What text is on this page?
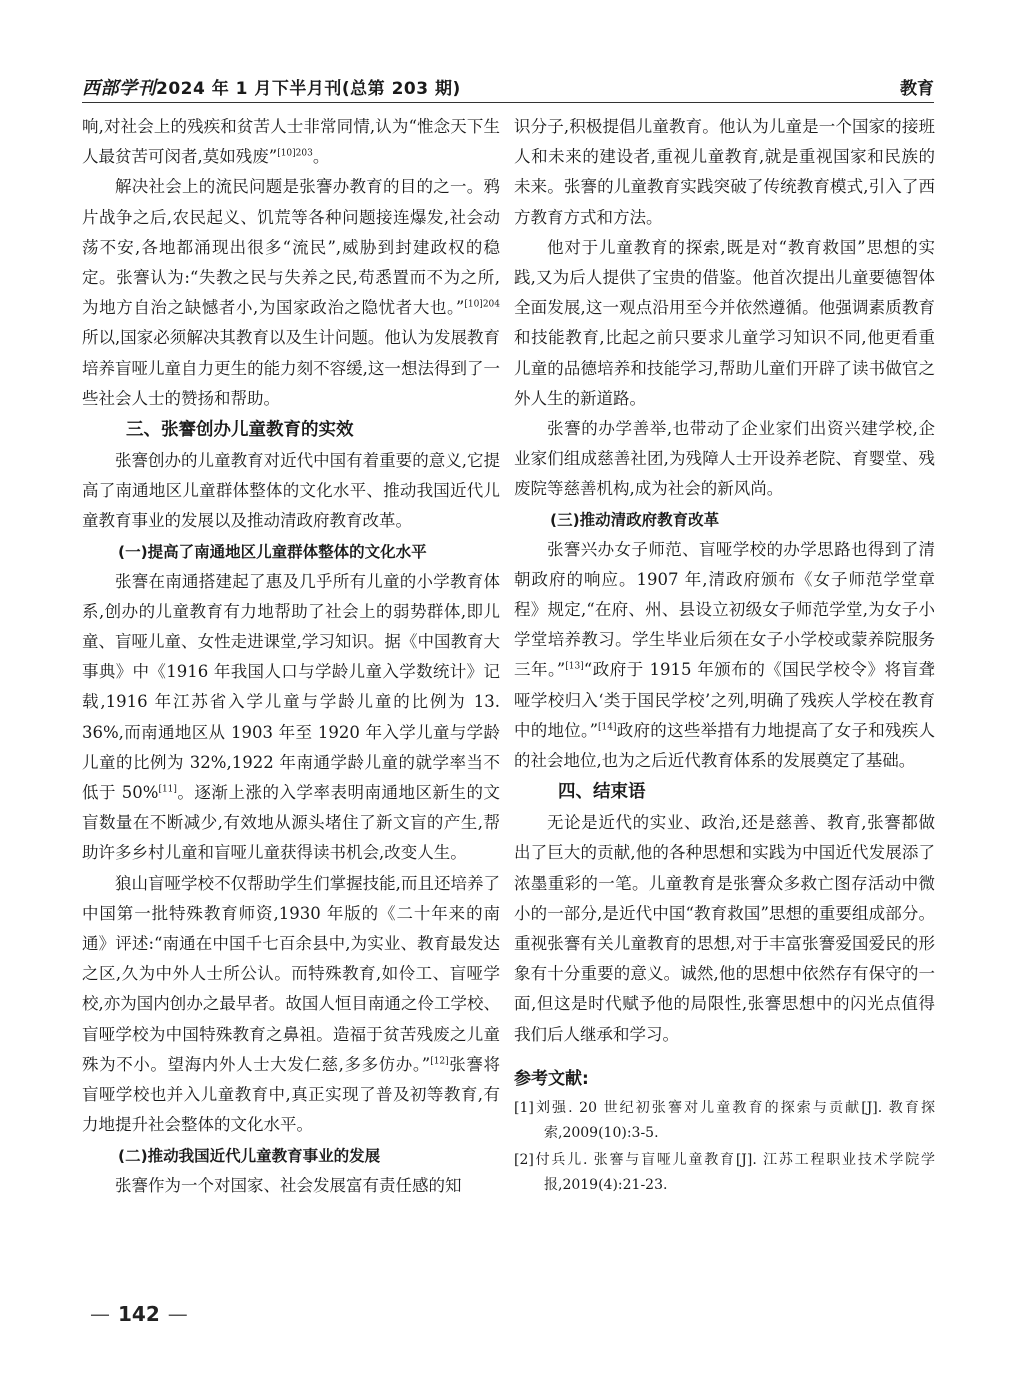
西部学刊2024 年 1 月下半月刊(总第 203 期)	教育

响,对社会上的残疾和贫苦人士非常同情,认为“惟念天下生人最贫苦可闵者,莫如残废”$^{[10]203}$。

解决社会上的流民问题是张謇办教育的目的之一。鸦片战争之后,农民起义、饥荒等各种问题接连爆发,社会动荡不安,各地都涌现出很多“流民”,威胁到封建政权的稳定。张謇认为:“失教之民与失养之民,苟悉置而不为之所,为地方自治之缺憾者小,为国家政治之隐忧者大也。”$^{[10]204}$所以,国家必须解决其教育以及生计问题。他认为发展教育培养盲哑儿童自力更生的能力刻不容缓,这一想法得到了一些社会人士的赞扬和帮助。

三、张謇创办儿童教育的实效

张謇创办的儿童教育对近代中国有着重要的意义,它提高了南通地区儿童群体整体的文化水平、推动我国近代儿童教育事业的发展以及推动清政府教育改革。

(一)提高了南通地区儿童群体整体的文化水平

张謇在南通搭建起了惠及几乎所有儿童的小学教育体系,创办的儿童教育有力地帮助了社会上的弱势群体,即儿童、盲哑儿童、女性走进课堂,学习知识。据《中国教育大事典》中《1916 年我国人口与学龄儿童入学数统计》记载,1916 年江苏省入学儿童与学龄儿童的比例为 13. 36%,而南通地区从 1903 年至 1920 年入学儿童与学龄儿童的比例为 32%,1922 年南通学龄儿童的就学率当不低于 50%[11]。逐渐上涨的入学率表明南通地区新生的文盲数量在不断减少,有效地从源头堵住了新文盲的产生,帮助许多乡村儿童和盲哑儿童获得读书机会,改变人生。

狼山盲哑学校不仅帮助学生们掌握技能,而且还培养了中国第一批特殊教育师资,1930 年版的《二十年来的南通》评述:“南通在中国千七百余县中,为实业、教育最发达之区,久为中外人士所公认。而特殊教育,如伶工、盲哑学校,亦为国内创办之最早者。故国人恒目南通之伶工学校、盲哑学校为中国特殊教育之鼻祖。造福于贫苦残废之儿童殊为不小。望海内外人士大发仁慈,多多仿办。”[12]张謇将盲哑学校也并入儿童教育中,真正实现了普及初等教育,有力地提升社会整体的文化水平。

(二)推动我国近代儿童教育事业的发展

张謇作为一个对国家、社会发展富有责任感的知

识分子,积极提倡儿童教育。他认为儿童是一个国家的接班人和未来的建设者,重视儿童教育,就是重视国家和民族的未来。张謇的儿童教育实践突破了传统教育模式,引入了西方教育方式和方法。

他对于儿童教育的探索,既是对“教育救国”思想的实践,又为后人提供了宝贵的借鉴。他首次提出儿童要德智体全面发展,这一观点沿用至今并依然遵循。他强调素质教育和技能教育,比起之前只要求儿童学习知识不同,他更看重儿童的品德培养和技能学习,帮助儿童们开辟了读书做官之外人生的新道路。

张謇的办学善举,也带动了企业家们出资兴建学校,企业家们组成慈善社团,为残障人士开设养老院、育婴堂、残废院等慈善机构,成为社会的新风尚。

(三)推动清政府教育改革

张謇兴办女子师范、盲哑学校的办学思路也得到了清朝政府的响应。1907 年,清政府颁布《女子师范学堂章程》规定,“在府、州、县设立初级女子师范学堂,为女子小学堂培养教习。学生毕业后须在女子小学校或蒙养院服务三年。”[13]“政府于 1915 年颁布的《国民学校令》将盲聋哑学校归入‘类于国民学校’之列,明确了残疾人学校在教育中的地位。”[14]政府的这些举措有力地提高了女子和残疾人的社会地位,也为之后近代教育体系的发展奠定了基础。

四、结束语

无论是近代的实业、政治,还是慈善、教育,张謇都做出了巨大的贡献,他的各种思想和实践为中国近代发展添了浓墨重彩的一笔。儿童教育是张謇众多救亡图存活动中微小的一部分,是近代中国“教育救国”思想的重要组成部分。重视张謇有关儿童教育的思想,对于丰富张謇爱国爱民的形象有十分重要的意义。诚然,他的思想中依然存有保守的一面,但这是时代赋予他的局限性,张謇思想中的闪光点值得我们后人继承和学习。

参考文献:
[1]刘强. 20 世纪初张謇对儿童教育的探索与贡献[J]. 教育探索,2009(10):3-5.
[2]付兵儿. 张謇与盲哑儿童教育[J]. 江苏工程职业技术学院学报,2019(4):21-23.
— 142 —
